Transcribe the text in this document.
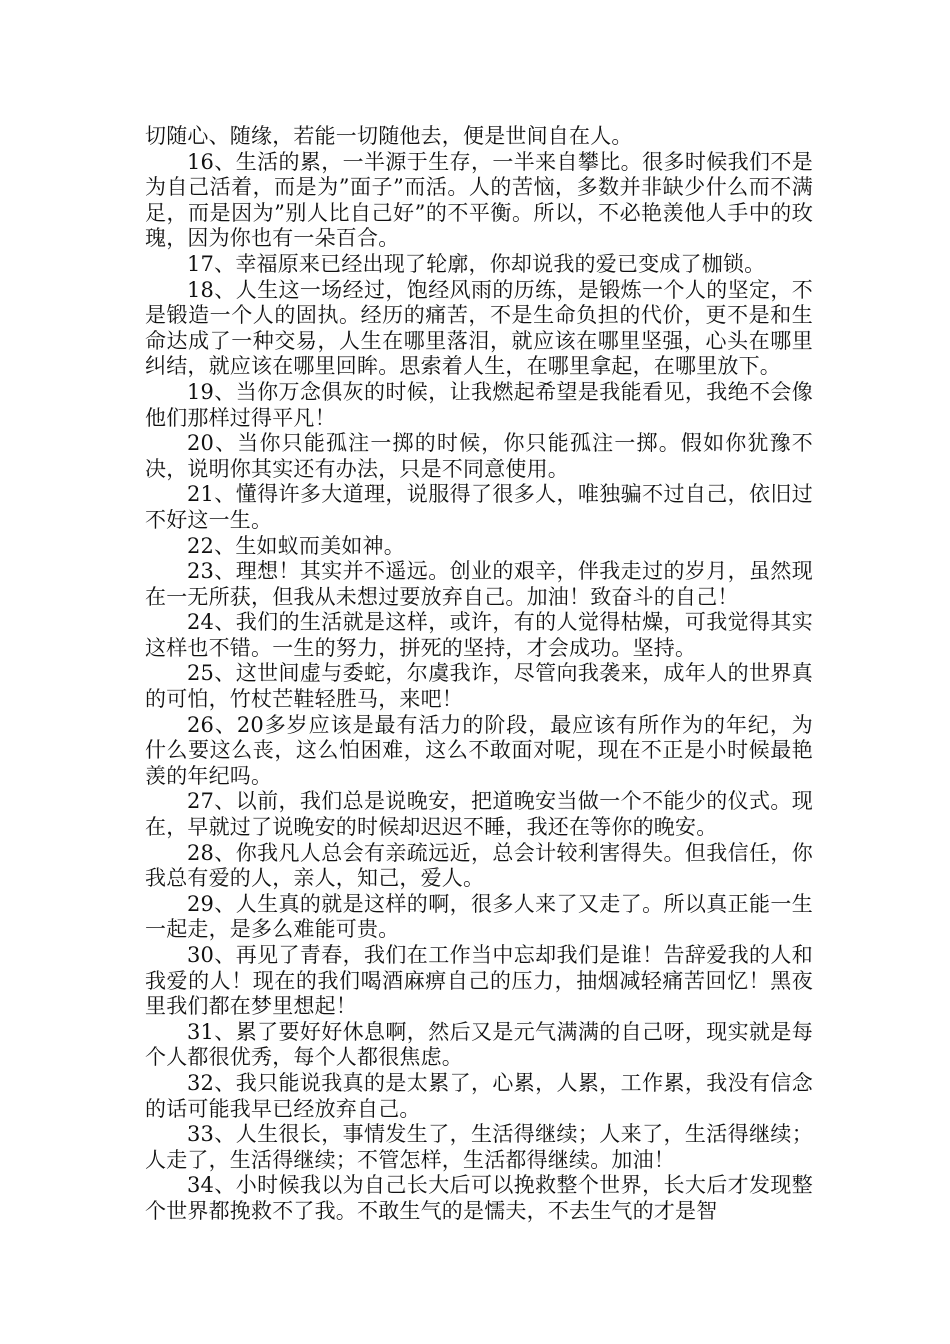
切随心、随缘，若能一切随他去，便是世间自在人。

16、生活的累，一半源于生存，一半来自攀比。很多时候我们不是为自己活着，而是为”面子”而活。人的苦恼，多数并非缺少什么而不满足，而是因为”别人比自己好”的不平衡。所以，不必艳羡他人手中的玫瑰，因为你也有一朵百合。

17、幸福原来已经出现了轮廓，你却说我的爱已变成了枷锁。

18、人生这一场经过，饱经风雨的历练，是锻炼一个人的坚定，不是锻造一个人的固执。经历的痛苦，不是生命负担的代价，更不是和生命达成了一种交易，人生在哪里落泪，就应该在哪里坚强，心头在哪里纠结，就应该在哪里回眸。思索着人生，在哪里拿起，在哪里放下。

19、当你万念俱灰的时候，让我燃起希望是我能看见，我绝不会像他们那样过得平凡！

20、当你只能孤注一掷的时候，你只能孤注一掷。假如你犹豫不决，说明你其实还有办法，只是不同意使用。

21、懂得许多大道理，说服得了很多人，唯独骗不过自己，依旧过不好这一生。

22、生如蚁而美如神。

23、理想！其实并不遥远。创业的艰辛，伴我走过的岁月，虽然现在一无所获，但我从未想过要放弃自己。加油！致奋斗的自己！

24、我们的生活就是这样，或许，有的人觉得枯燥，可我觉得其实这样也不错。一生的努力，拼死的坚持，才会成功。坚持。

25、这世间虚与委蛇，尔虞我诈，尽管向我袭来，成年人的世界真的可怕，竹杖芒鞋轻胜马，来吧！

26、20多岁应该是最有活力的阶段，最应该有所作为的年纪，为什么要这么丧，这么怕困难，这么不敢面对呢，现在不正是小时候最艳羡的年纪吗。

27、以前，我们总是说晚安，把道晚安当做一个不能少的仪式。现在，早就过了说晚安的时候却迟迟不睡，我还在等你的晚安。

28、你我凡人总会有亲疏远近，总会计较利害得失。但我信任，你我总有爱的人，亲人，知己，爱人。

29、人生真的就是这样的啊，很多人来了又走了。所以真正能一生一起走，是多么难能可贵。

30、再见了青春，我们在工作当中忘却我们是谁！告辞爱我的人和我爱的人！现在的我们喝酒麻痹自己的压力，抽烟减轻痛苦回忆！黑夜里我们都在梦里想起！

31、累了要好好休息啊，然后又是元气满满的自己呀，现实就是每个人都很优秀，每个人都很焦虑。

32、我只能说我真的是太累了，心累，人累，工作累，我没有信念的话可能我早已经放弃自己。

33、人生很长，事情发生了，生活得继续；人来了，生活得继续；人走了，生活得继续；不管怎样，生活都得继续。加油！

34、小时候我以为自己长大后可以挽救整个世界，长大后才发现整个世界都挽救不了我。不敢生气的是懦夫，不去生气的才是智
